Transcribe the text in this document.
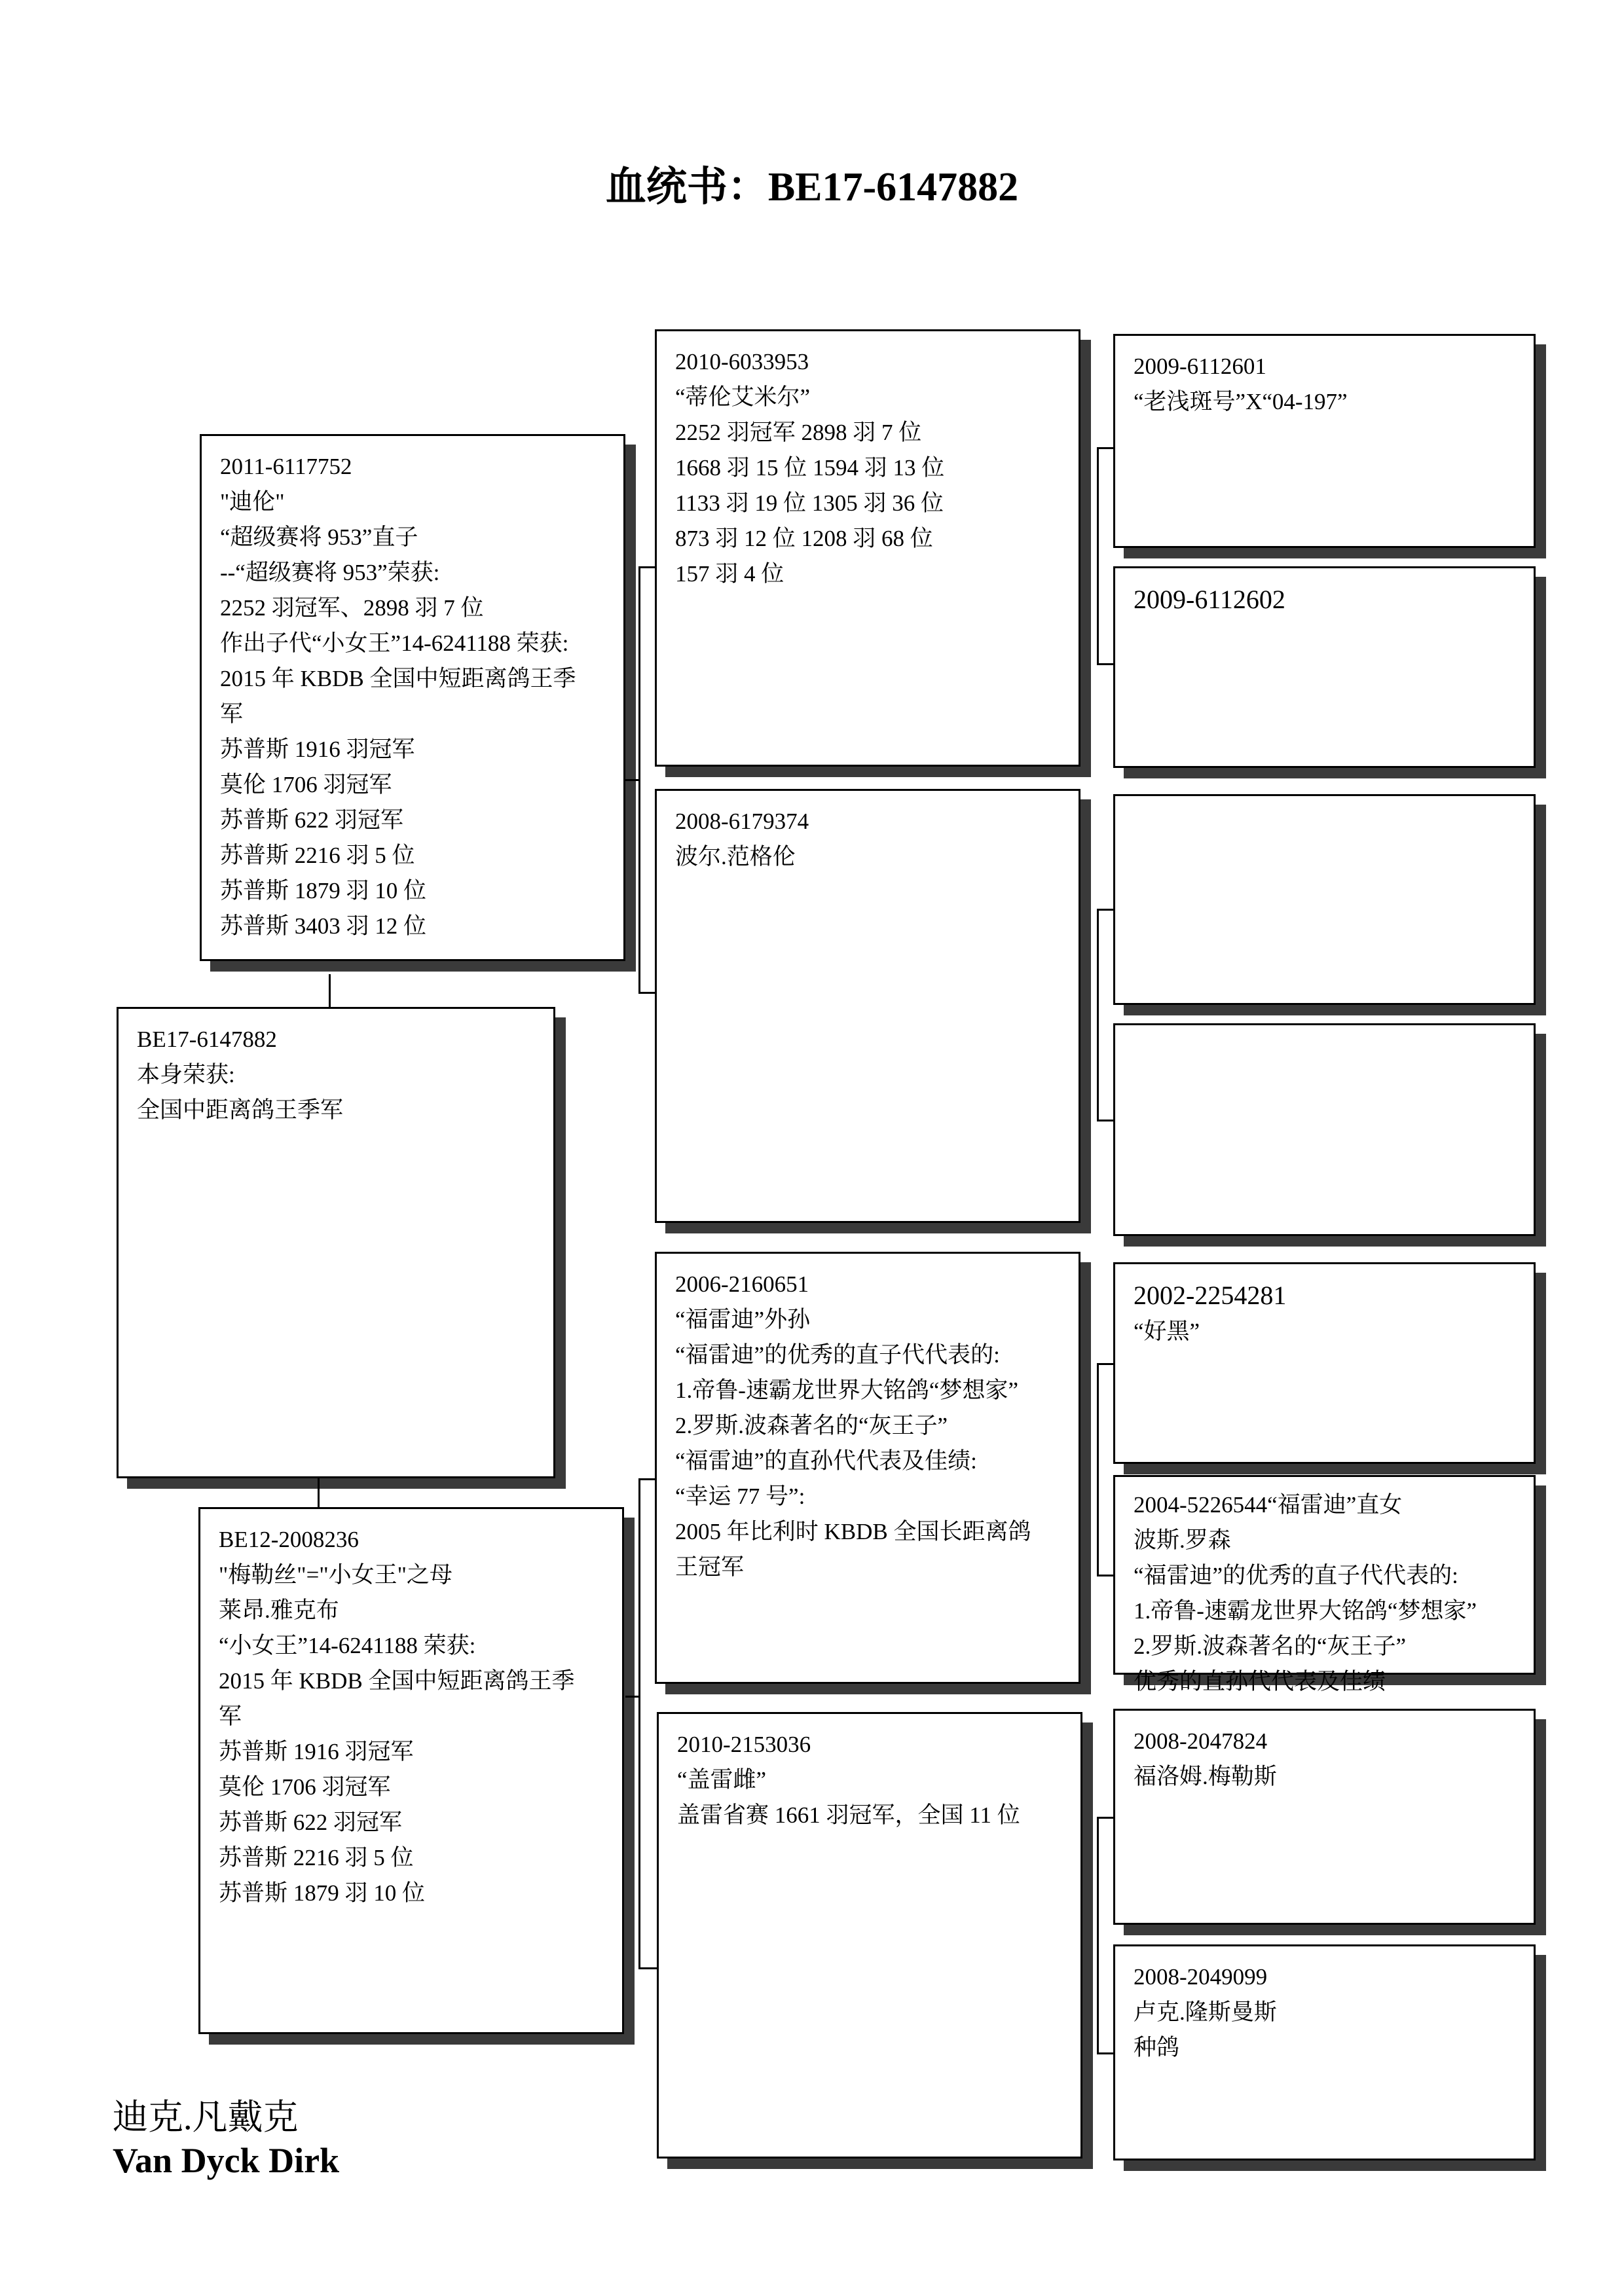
血统书：BE17-6147882
BE17-6147882
本身荣获:
全国中距离鸽王季军
2011-6117752
"迪伦"
“超级赛将 953”直子
--“超级赛将 953”荣获:
2252 羽冠军、2898 羽 7 位
作出子代“小女王”14-6241188 荣获:
2015 年 KBDB 全国中短距离鸽王季
军
苏普斯 1916 羽冠军
莫伦 1706 羽冠军
苏普斯 622 羽冠军
苏普斯 2216 羽 5 位
苏普斯 1879 羽 10 位
苏普斯 3403 羽 12 位
BE12-2008236
"梅勒丝"="小女王"之母
莱昂.雅克布
“小女王”14-6241188 荣获:
2015 年 KBDB 全国中短距离鸽王季
军
苏普斯 1916 羽冠军
莫伦 1706 羽冠军
苏普斯 622 羽冠军
苏普斯 2216 羽 5 位
苏普斯 1879 羽 10 位
2010-6033953
“蒂伦艾米尔”
2252 羽冠军 2898 羽 7 位
1668 羽 15 位 1594 羽 13 位
1133 羽 19 位 1305 羽 36 位
873 羽 12 位 1208 羽 68 位
157 羽 4 位
2008-6179374
波尔.范格伦
2006-2160651
“福雷迪”外孙
“福雷迪”的优秀的直子代代表的:
1.帝鲁-速霸龙世界大铭鸽“梦想家”
2.罗斯.波森著名的“灰王子”
“福雷迪”的直孙代代表及佳绩:
“幸运 77 号”:
2005 年比利时 KBDB 全国长距离鸽
王冠军
2010-2153036
“盖雷雌”
盖雷省赛 1661 羽冠军，全国 11 位
2009-6112601
“老浅斑号”X“04-197”
2009-6112602
2002-2254281
“好黑”
2004-5226544“福雷迪”直女
波斯.罗森
“福雷迪”的优秀的直子代代表的:
1.帝鲁-速霸龙世界大铭鸽“梦想家”
2.罗斯.波森著名的“灰王子”
优秀的直孙代代表及佳绩
2008-2047824
福洛姆.梅勒斯
2008-2049099
卢克.隆斯曼斯
种鸽
迪克.凡戴克
Van Dyck Dirk
